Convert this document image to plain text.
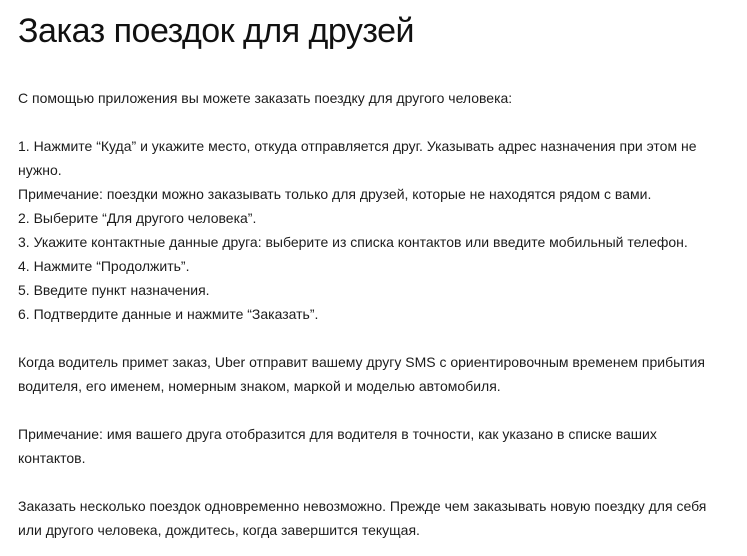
Заказ поездок для друзей

С помощью приложения вы можете заказать поездку для другого человека:

1. Нажмите “Куда” и укажите место, откуда отправляется друг. Указывать адрес назначения при этом не нужно.
Примечание: поездки можно заказывать только для друзей, которые не находятся рядом с вами.
2. Выберите “Для другого человека”.
3. Укажите контактные данные друга: выберите из списка контактов или введите мобильный телефон.
4. Нажмите “Продолжить”.
5. Введите пункт назначения.
6. Подтвердите данные и нажмите “Заказать”.

Когда водитель примет заказ, Uber отправит вашему другу SMS с ориентировочным временем прибытия водителя, его именем, номерным знаком, маркой и моделью автомобиля.

Примечание: имя вашего друга отобразится для водителя в точности, как указано в списке ваших контактов.

Заказать несколько поездок одновременно невозможно. Прежде чем заказывать новую поездку для себя или другого человека, дождитесь, когда завершится текущая.
